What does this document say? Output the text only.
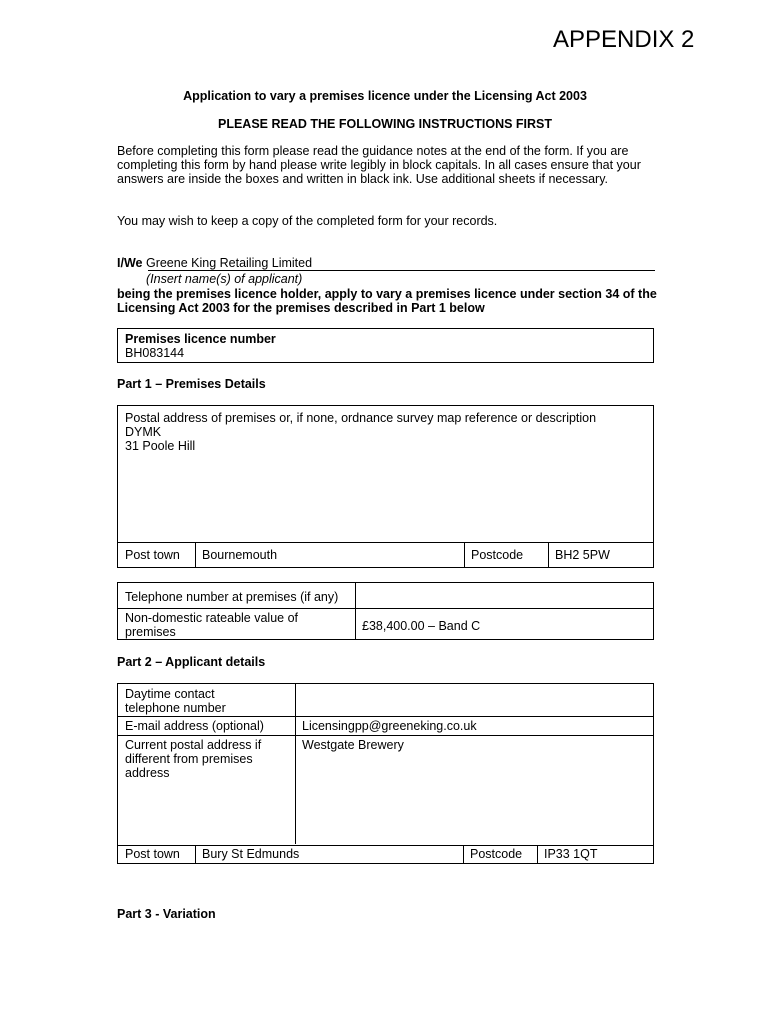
APPENDIX 2
Application to vary a premises licence under the Licensing Act 2003
PLEASE READ THE FOLLOWING INSTRUCTIONS FIRST
Before completing this form please read the guidance notes at the end of the form. If you are completing this form by hand please write legibly in block capitals. In all cases ensure that your answers are inside the boxes and written in black ink. Use additional sheets if necessary.
You may wish to keep a copy of the completed form for your records.
I/We Greene King Retailing Limited
(Insert name(s) of applicant)
being the premises licence holder, apply to vary a premises licence under section 34 of the Licensing Act 2003 for the premises described in Part 1 below
Premises licence number
BH083144
Part 1 – Premises Details
Postal address of premises or, if none, ordnance survey map reference or description
DYMK
31 Poole Hill
Post town	Bournemouth	Postcode	BH2 5PW
Telephone number at premises (if any)
Non-domestic rateable value of premises	£38,400.00 – Band C
Part 2 – Applicant details
Daytime contact telephone number
E-mail address (optional)	Licensingpp@greeneking.co.uk
Current postal address if different from premises address
Westgate Brewery
Post town	Bury St Edmunds	Postcode	IP33 1QT
Part 3 - Variation
